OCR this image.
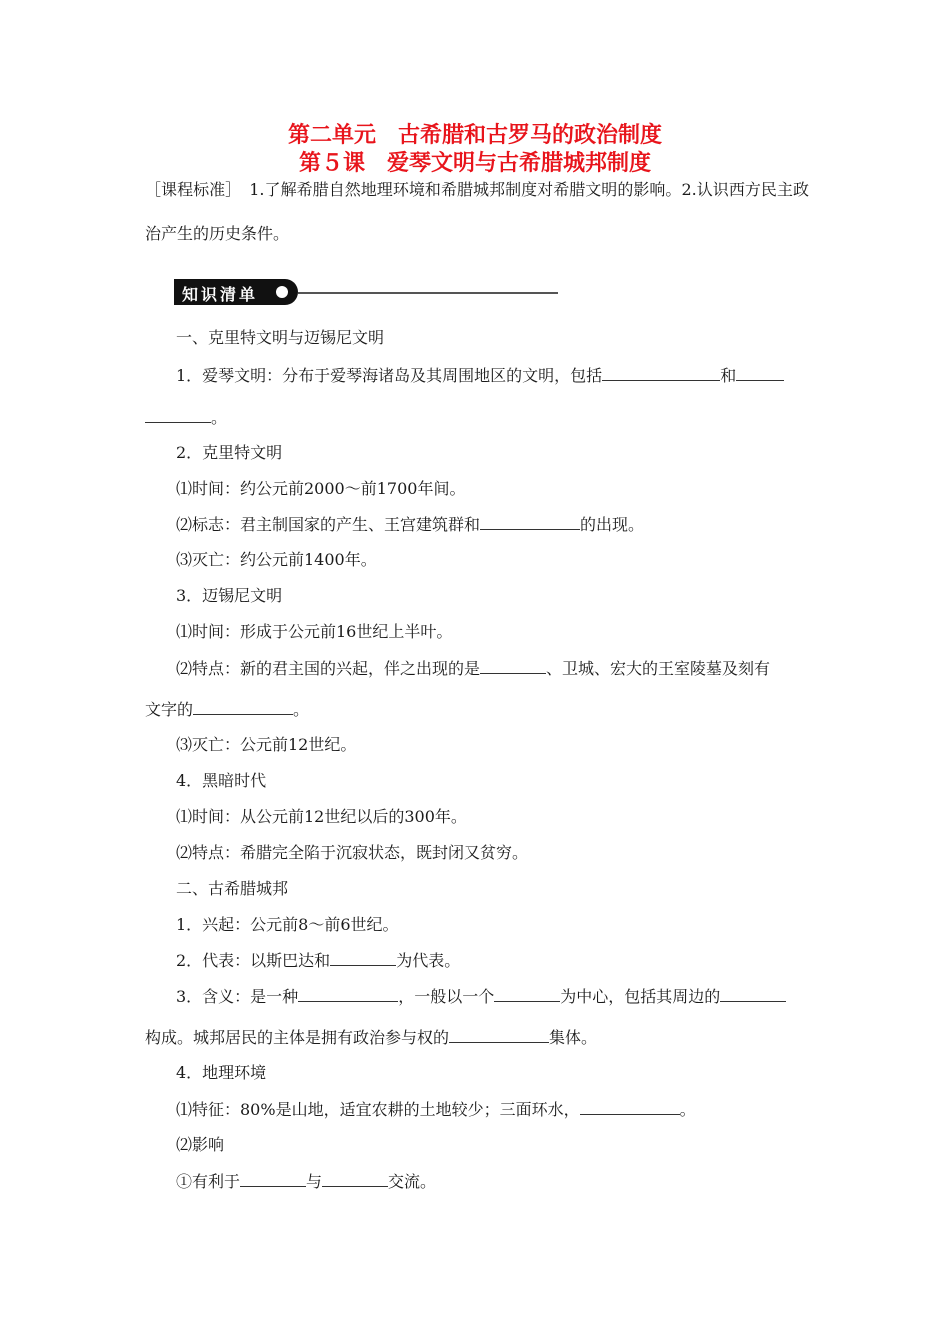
第二单元　古希腊和古罗马的政治制度
第５课　爱琴文明与古希腊城邦制度
［课程标准］　1.了解希腊自然地理环境和希腊城邦制度对希腊文明的影响。2.认识西方民主政治产生的历史条件。
知识清单
一、克里特文明与迈锡尼文明
1．爱琴文明：分布于爱琴海诸岛及其周围地区的文明，包括	和
。
2．克里特文明
⑴时间：约公元前2000～前1700年间。
⑵标志：君主制国家的产生、王宫建筑群和	的出现。
⑶灭亡：约公元前1400年。
3．迈锡尼文明
⑴时间：形成于公元前16世纪上半叶。
⑵特点：新的君主国的兴起，伴之出现的是	、卫城、宏大的王室陵墓及刻有
文字的	。
⑶灭亡：公元前12世纪。
4．黑暗时代
⑴时间：从公元前12世纪以后的300年。
⑵特点：希腊完全陷于沉寂状态，既封闭又贫穷。
二、古希腊城邦
1．兴起：公元前8～前6世纪。
2．代表：以斯巴达和	为代表。
3．含义：是一种	，一般以一个	为中心，包括其周边的
构成。城邦居民的主体是拥有政治参与权的	集体。
4．地理环境
⑴特征：80%是山地，适宜农耕的土地较少；三面环水，	。
⑵影响
①有利于	与	交流。
